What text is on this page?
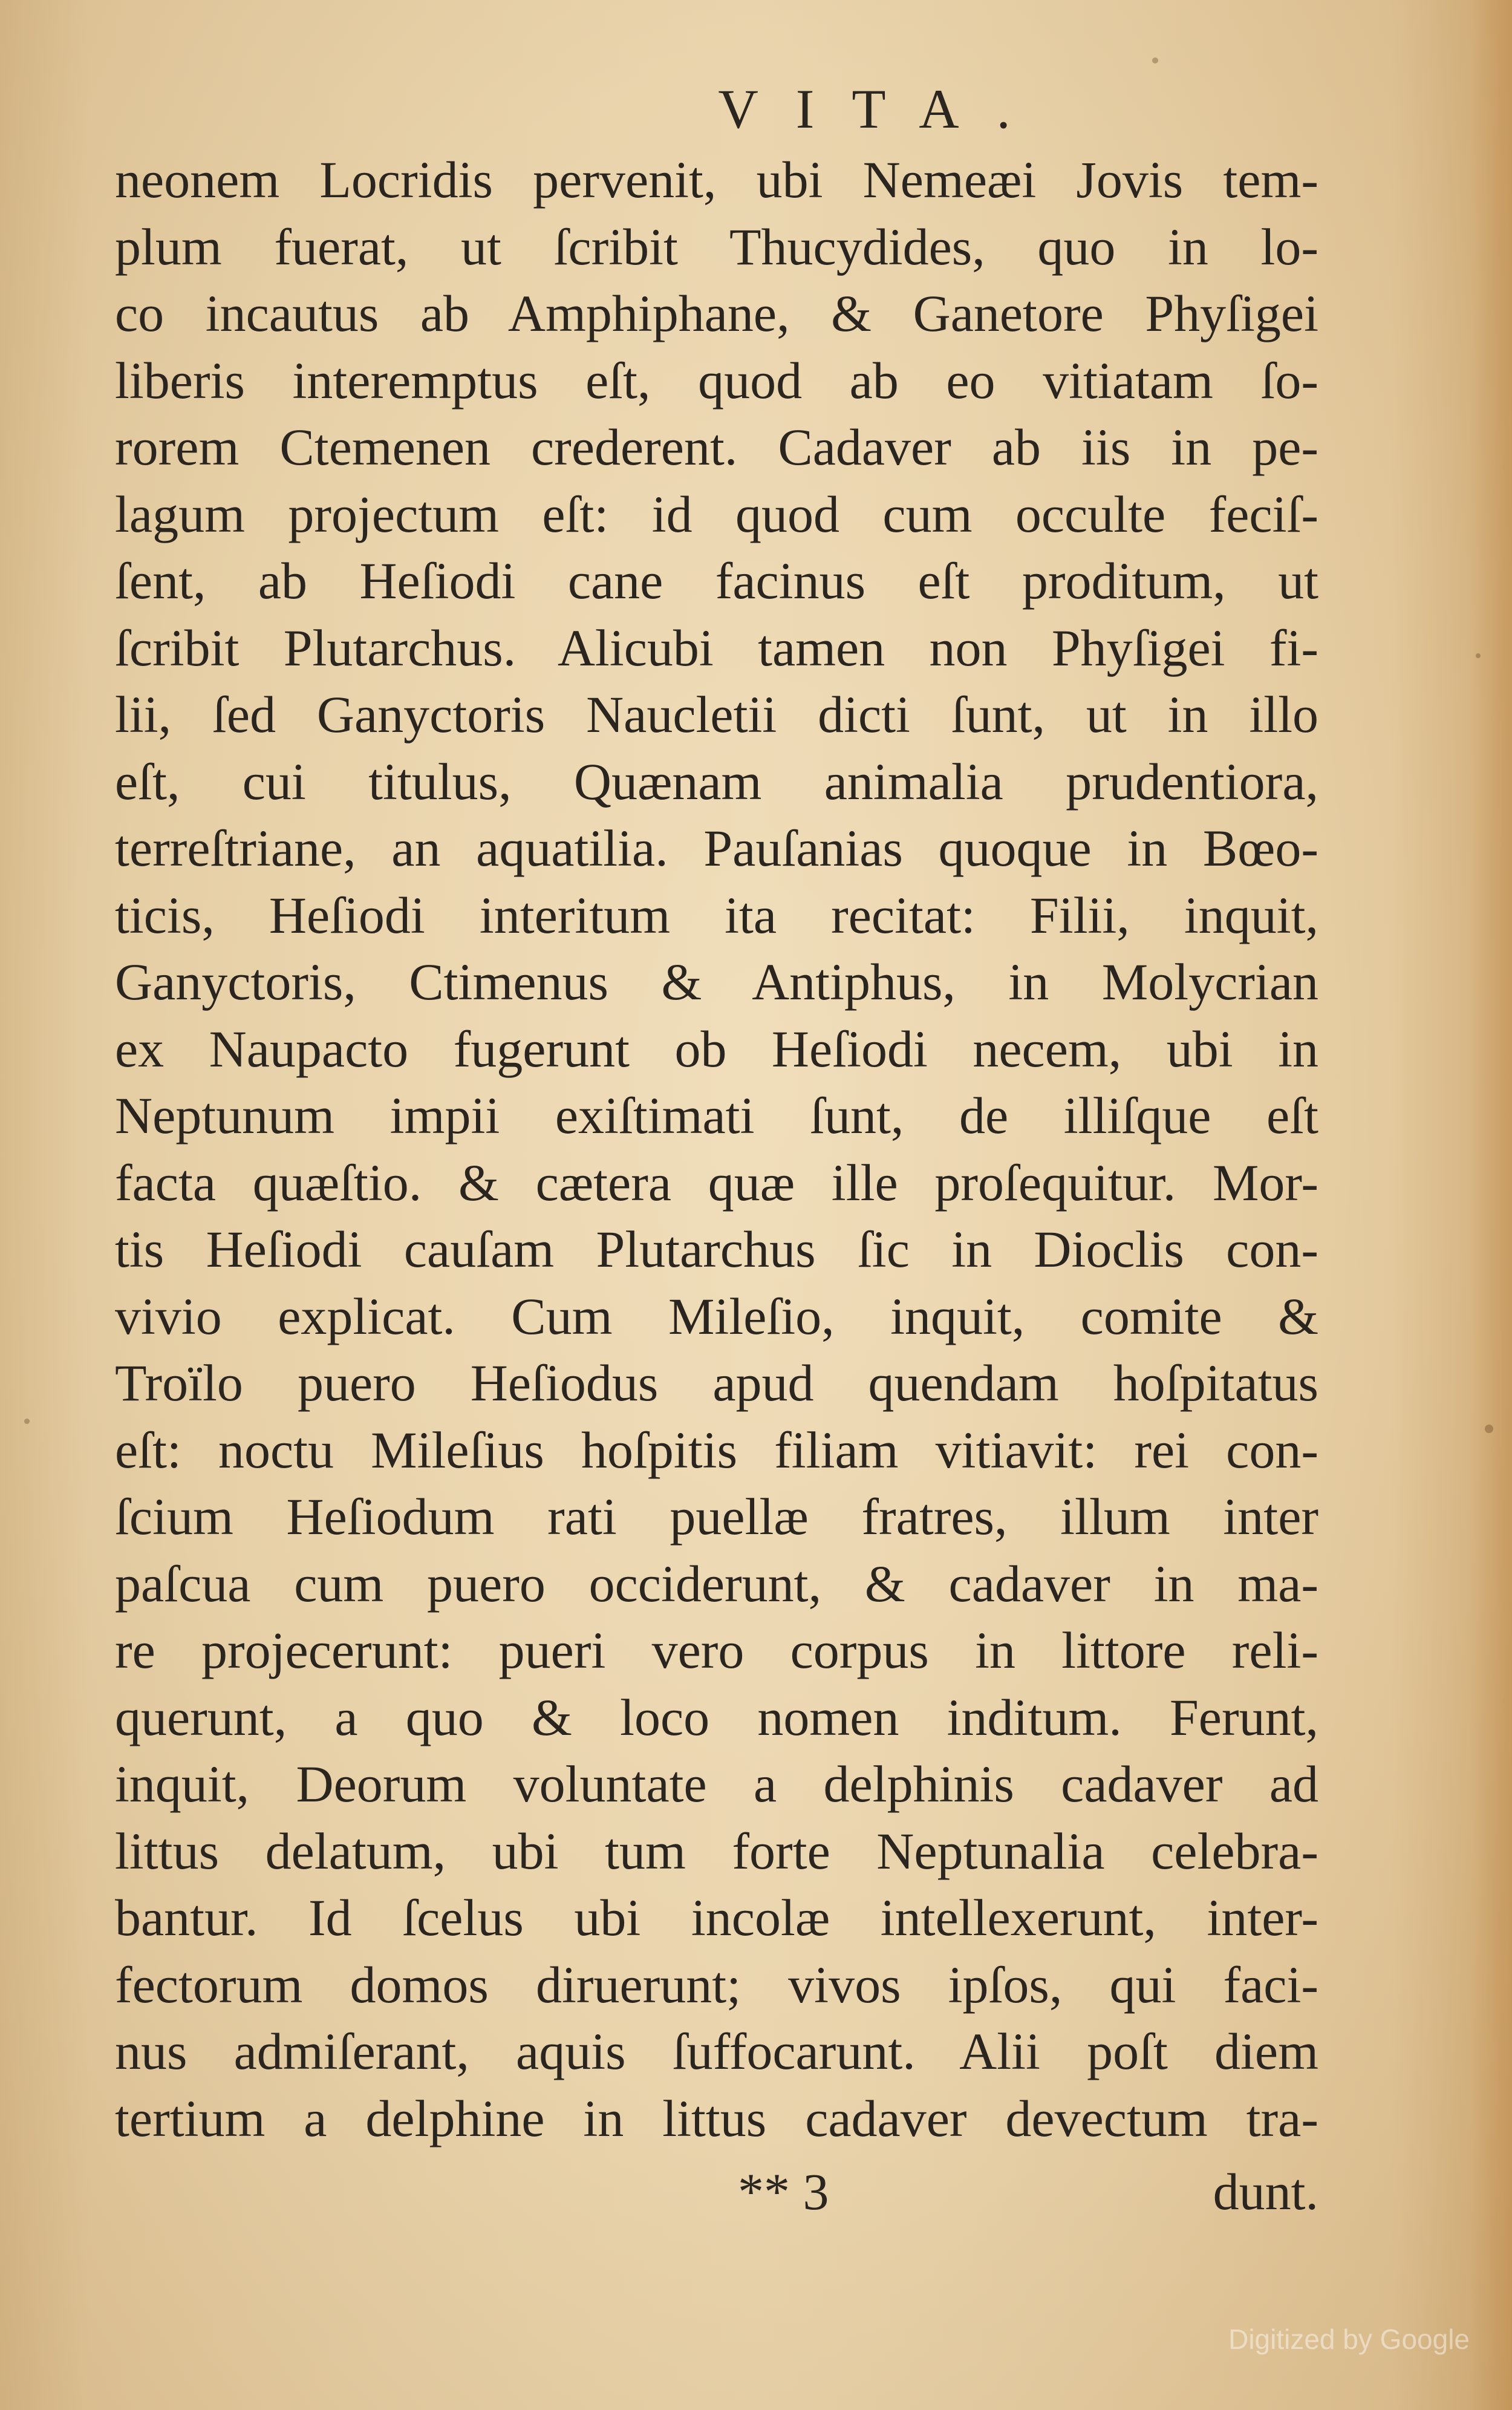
VITA.
neonem Locridis pervenit, ubi Nemeæi Jovis tem-
plum fuerat, ut ſcribit Thucydides, quo in lo-
co incautus ab Amphiphane, & Ganetore Phyſigei
liberis interemptus eſt, quod ab eo vitiatam ſo-
rorem Ctemenen crederent. Cadaver ab iis in pe-
lagum projectum eſt: id quod cum occulte feciſ-
ſent, ab Heſiodi cane facinus eſt proditum, ut
ſcribit Plutarchus. Alicubi tamen non Phyſigei fi-
lii, ſed Ganyctoris Naucletii dicti ſunt, ut in illo
eſt, cui titulus, Quænam animalia prudentiora,
terreſtriane, an aquatilia. Pauſanias quoque in Bœo-
ticis, Heſiodi interitum ita recitat: Filii, inquit,
Ganyctoris, Ctimenus & Antiphus, in Molycrian
ex Naupacto fugerunt ob Heſiodi necem, ubi in
Neptunum impii exiſtimati ſunt, de illiſque eſt
facta quæſtio. & cætera quæ ille proſequitur. Mor-
tis Heſiodi cauſam Plutarchus ſic in Dioclis con-
vivio explicat. Cum Mileſio, inquit, comite &
Troïlo puero Heſiodus apud quendam hoſpitatus
eſt: noctu Mileſius hoſpitis filiam vitiavit: rei con-
ſcium Heſiodum rati puellæ fratres, illum inter
paſcua cum puero occiderunt, & cadaver in ma-
re projecerunt: pueri vero corpus in littore reli-
querunt, a quo & loco nomen inditum. Ferunt,
inquit, Deorum voluntate a delphinis cadaver ad
littus delatum, ubi tum forte Neptunalia celebra-
bantur. Id ſcelus ubi incolæ intellexerunt, inter-
fectorum domos diruerunt; vivos ipſos, qui faci-
nus admiſerant, aquis ſuffocarunt. Alii poſt diem
tertium a delphine in littus cadaver devectum tra-
** 3	dunt.
Digitized by Google
